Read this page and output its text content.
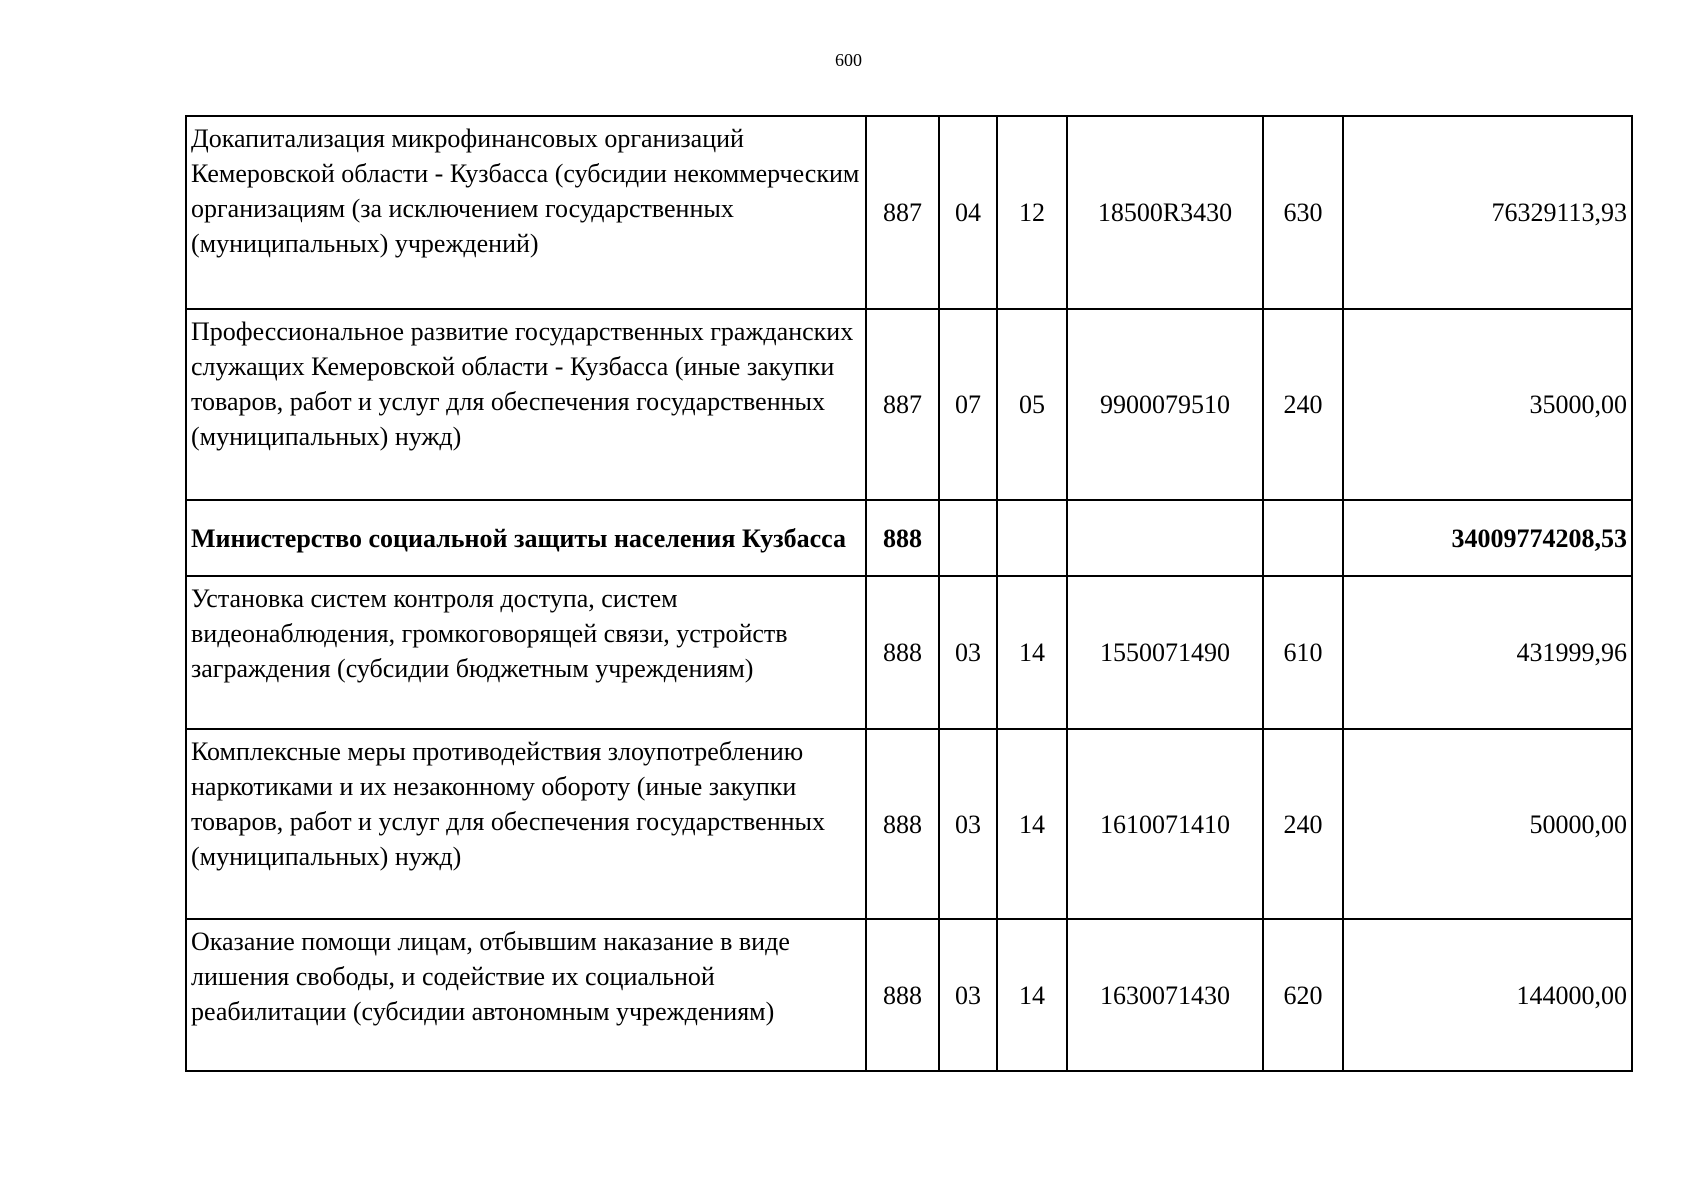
600
Докапитализация микрофинансовых организаций Кемеровской области - Кузбасса (субсидии некоммерческим организациям (за исключением государственных (муниципальных) учреждений)	887	04	12	18500R3430	630	76329113,93
Профессиональное развитие государственных гражданских служащих Кемеровской области - Кузбасса (иные закупки товаров, работ и услуг для обеспечения государственных (муниципальных) нужд)	887	07	05	9900079510	240	35000,00
Министерство социальной защиты населения Кузбасса	888					34009774208,53
Установка систем контроля доступа, систем видеонаблюдения, громкоговорящей связи, устройств заграждения (субсидии бюджетным учреждениям)	888	03	14	1550071490	610	431999,96
Комплексные меры противодействия злоупотреблению наркотиками и их незаконному обороту (иные закупки товаров, работ и услуг для обеспечения государственных (муниципальных) нужд)	888	03	14	1610071410	240	50000,00
Оказание помощи лицам, отбывшим наказание в виде лишения свободы, и содействие их социальной реабилитации (субсидии автономным учреждениям)	888	03	14	1630071430	620	144000,00
